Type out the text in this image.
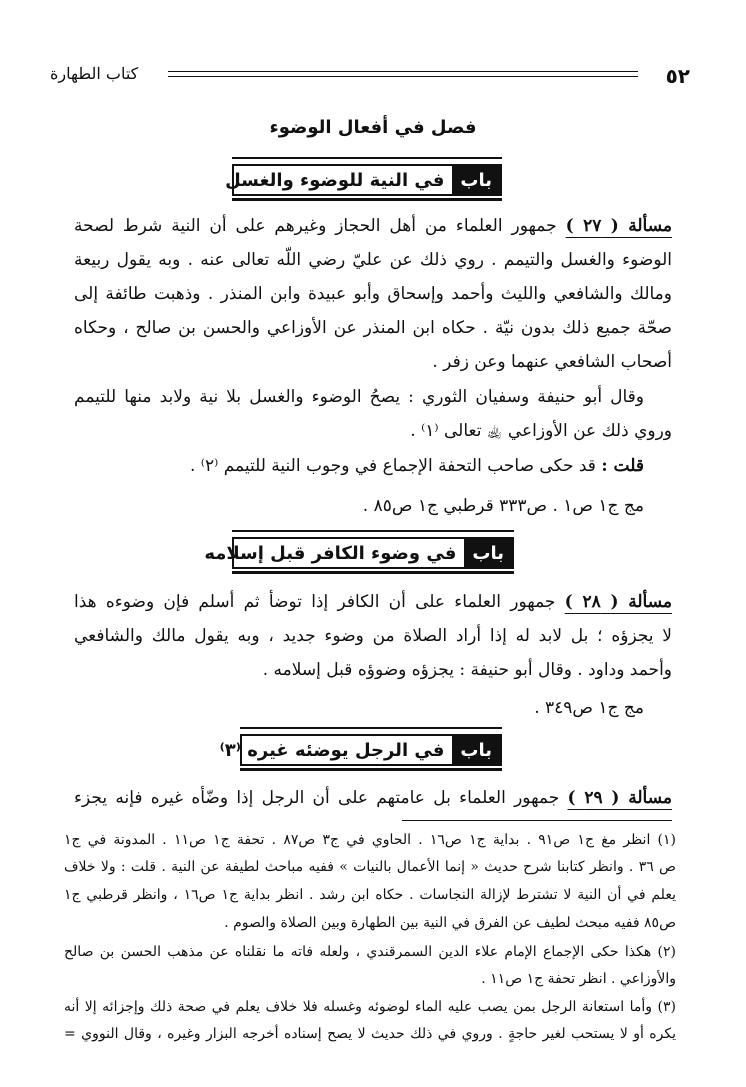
٥٢
كتاب الطهارة
فصل في أفعال الوضوء
باب
في النية للوضوء والغسل
مسألة ( ٢٧ ) جمهور العلماء من أهل الحجاز وغيرهم على أن النية شرط لصحة
الوضوء والغسل والتيمم . روي ذلك عن عليّ رضي اللّه تعالى عنه . وبه يقول ربيعة
ومالك والشافعي والليث وأحمد وإسحاق وأبو عبيدة وابن المنذر . وذهبت طائفة إلى
صحّة جميع ذلك بدون نيّة . حكاه ابن المنذر عن الأوزاعي والحسن بن صالح ، وحكاه
أصحاب الشافعي عنهما وعن زفر .
وقال أبو حنيفة وسفيان الثوري : يصحُ الوضوء والغسل بلا نية ولابد منها للتيمم
وروي ذلك عن الأوزاعي ﵀ تعالى ⁽١⁾ .
قلت : قد حكى صاحب التحفة الإجماع في وجوب النية للتيمم ⁽٢⁾ .
مج ج١ ص١ . ص٣٣٣ قرطبي ج١ ص٨٥ .
باب
في وضوء الكافر قبل إسلامه
مسألة ( ٢٨ ) جمهور العلماء على أن الكافر إذا توضأ ثم أسلم فإن وضوءه هذا
لا يجزؤه ؛ بل لابد له إذا أراد الصلاة من وضوء جديد ، وبه يقول مالك والشافعي
وأحمد وداود . وقال أبو حنيفة : يجزؤه وضوؤه قبل إسلامه .
مج ج١ ص٣٤٩ .
باب
في الرجل يوضئه غيره ⁽٣⁾
مسألة ( ٢٩ ) جمهور العلماء بل عامتهم على أن الرجل إذا وضّأه غيره فإنه يجزء
(١) انظر مغ ج١ ص٩١ . بداية ج١ ص١٦ . الحاوي في ج٣ ص٨٧ . تحفة ج١ ص١١ . المدونة في ج١
ص ٣٦ . وانظر كتابنا شرح حديث « إنما الأعمال بالنيات » ففيه مباحث لطيفة عن النية . قلت : ولا خلاف
يعلم في أن النية لا تشترط لإزالة النجاسات . حكاه ابن رشد . انظر بداية ج١ ص١٦ ، وانظر قرطبي ج١
ص٨٥ ففيه مبحث لطيف عن الفرق في النية بين الطهارة وبين الصلاة والصوم .
(٢) هكذا حكى الإجماع الإمام علاء الدين السمرقندي ، ولعله فاته ما نقلناه عن مذهب الحسن بن صالح
والأوزاعي . انظر تحفة ج١ ص١١ .
(٣) وأما استعانة الرجل بمن يصب عليه الماء لوضوئه وغسله فلا خلاف يعلم في صحة ذلك وإجزائه إلا أنه
يكره أو لا يستحب لغير حاجةٍ . وروي في ذلك حديث لا يصح إسناده أخرجه البزار وغيره ، وقال النووي =
